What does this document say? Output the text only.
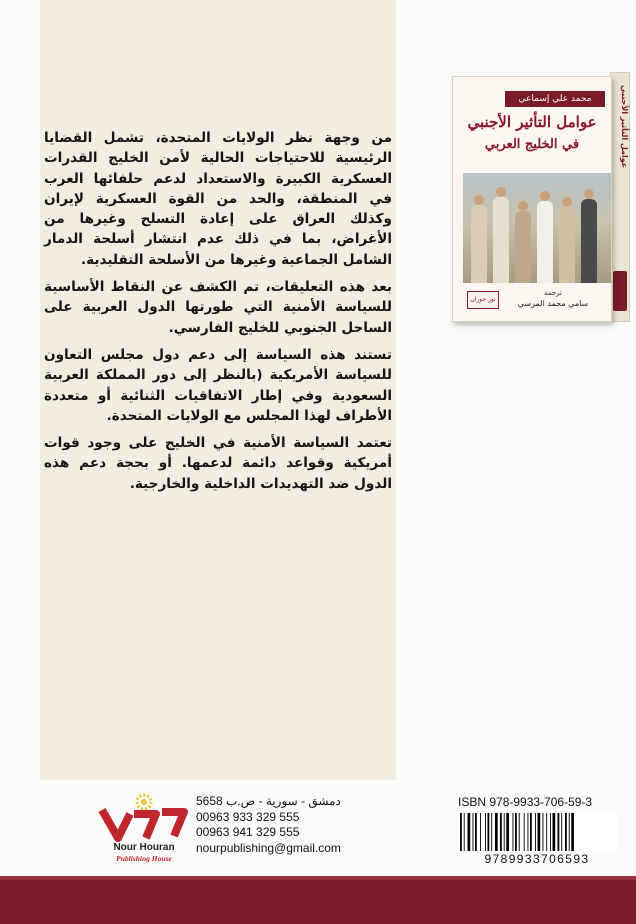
من وجهة نظر الولايات المتحدة، تشمل القضايا الرئيسية للاحتياجات الحالية لأمن الخليج القدرات العسكرية الكبيرة والاستعداد لدعم حلفائها العرب في المنطقة، والحد من القوة العسكرية لإيران وكذلك العراق على إعادة التسلح وغيرها من الأغراض، بما في ذلك عدم انتشار أسلحة الدمار الشامل الجماعية وغيرها من الأسلحة التقليدية.

بعد هذه التعليقات، تم الكشف عن النقاط الأساسية للسياسة الأمنية التي طورتها الدول العربية على الساحل الجنوبي للخليج الفارسي.

تستند هذه السياسة إلى دعم دول مجلس التعاون للسياسة الأمريكية (بالنظر إلى دور المملكة العربية السعودية وفي إطار الاتفاقيات الثنائية أو متعددة الأطراف لهذا المجلس مع الولايات المتحدة.

تعتمد السياسة الأمنية في الخليج على وجود قوات أمريكية وقواعد دائمة لدعمها. أو بحجة دعم هذه الدول ضد التهديدات الداخلية والخارجية.

عوامل التأثير الأجنبي
محمد علي إسماعي
عوامل التأثير الأجنبي
في الخليج العربي
ترجمة
سامي محمد المرسي
نور حوران
Nour Houran
Publishing House
دمشق - سورية - ص.ب 5658
00963 933 329 555
00963 941 329 555
nourpublishing@gmail.com
ISBN 978-9933-706-59-3
9789933706593
